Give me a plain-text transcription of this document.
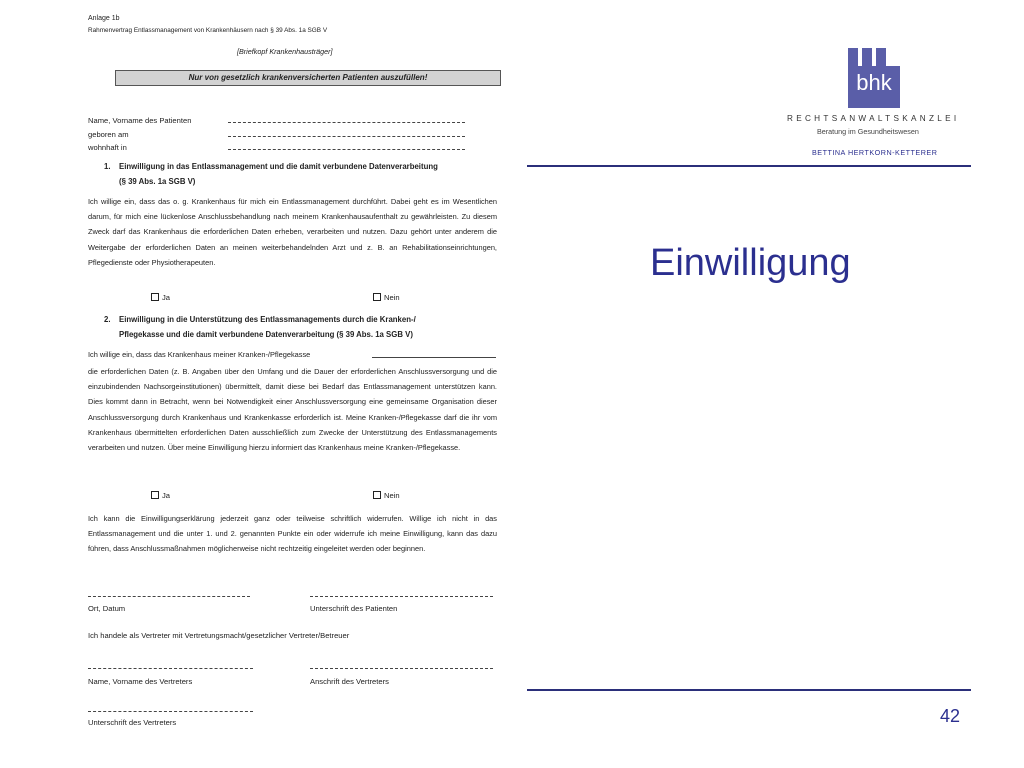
Anlage 1b
Rahmenvertrag Entlassmanagement von Krankenhäusern nach § 39 Abs. 1a SGB V
[Briefkopf Krankenhausträger]
Nur von gesetzlich krankenversicherten Patienten auszufüllen!
Name, Vorname des Patienten
geboren am
wohnhaft in
1. Einwilligung in das Entlassmanagement und die damit verbundene Datenverarbeitung
(§ 39 Abs. 1a SGB V)
Ich willige ein, dass das o. g. Krankenhaus für mich ein Entlassmanagement durchführt. Dabei geht es im Wesentlichen darum, für mich eine lückenlose Anschlussbehandlung nach meinem Krankenhausaufenthalt zu gewährleisten. Zu diesem Zweck darf das Krankenhaus die erforderlichen Daten erheben, verarbeiten und nutzen. Dazu gehört unter anderem die Weitergabe der erforderlichen Daten an meinen weiterbehandelnden Arzt und z. B. an Rehabilitationseinrichtungen, Pflegedienste oder Physiotherapeuten.
Ja	Nein
2. Einwilligung in die Unterstützung des Entlassmanagements durch die Kranken-/
Pflegekasse und die damit verbundene Datenverarbeitung (§ 39 Abs. 1a SGB V)
Ich willige ein, dass das Krankenhaus meiner Kranken-/Pflegekasse
die erforderlichen Daten (z. B. Angaben über den Umfang und die Dauer der erforderlichen Anschlussversorgung und die einzubindenden Nachsorgeinstitutionen) übermittelt, damit diese bei Bedarf das Entlassmanagement unterstützen kann. Dies kommt dann in Betracht, wenn bei Notwendigkeit einer Anschlussversorgung eine gemeinsame Organisation dieser Anschlussversorgung durch Krankenhaus und Krankenkasse erforderlich ist. Meine Kranken-/Pflegekasse darf die ihr vom Krankenhaus übermittelten erforderlichen Daten ausschließlich zum Zwecke der Unterstützung des Entlassmanagements verarbeiten und nutzen. Über meine Einwilligung hierzu informiert das Krankenhaus meine Kranken-/Pflegekasse.
Ja	Nein
Ich kann die Einwilligungserklärung jederzeit ganz oder teilweise schriftlich widerrufen. Willige ich nicht in das Entlassmanagement und die unter 1. und 2. genannten Punkte ein oder widerrufe ich meine Einwilligung, kann das dazu führen, dass Anschlussmaßnahmen möglicherweise nicht rechtzeitig eingeleitet werden oder beginnen.
Ort, Datum	Unterschrift des Patienten
Ich handele als Vertreter mit Vertretungsmacht/gesetzlicher Vertreter/Betreuer
Name, Vorname des Vertreters	Anschrift des Vertreters
Unterschrift des Vertreters
bhk
RECHTSANWALTSKANZLEI
Beratung im Gesundheitswesen
BETTINA HERTKORN-KETTERER
Einwilligung
42
